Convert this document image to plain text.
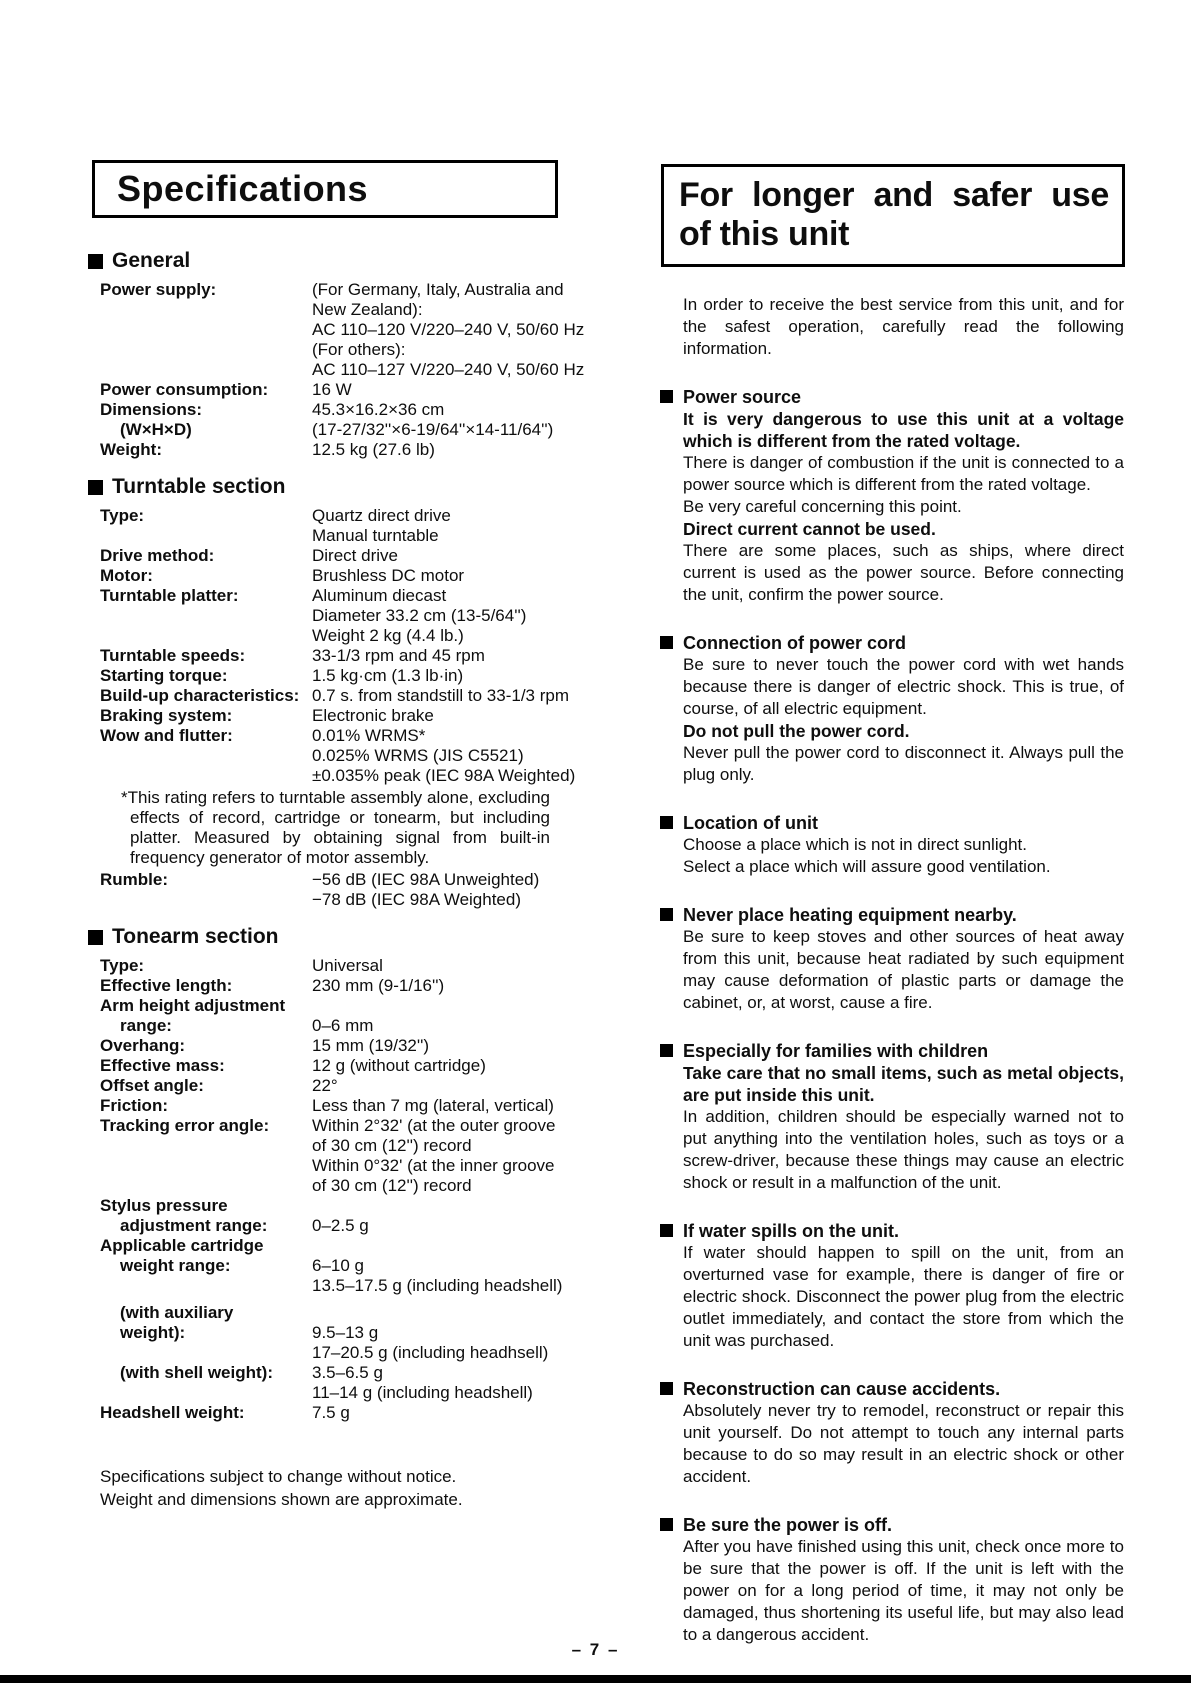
Specifications
General
Power supply:	(For Germany, Italy, Australia and
New Zealand):
AC 110–120 V/220–240 V, 50/60 Hz
(For others):
AC 110–127 V/220–240 V, 50/60 Hz
Power consumption:	16 W
Dimensions:	45.3×16.2×36 cm
(W×H×D)	(17-27/32''×6-19/64''×14-11/64'')
Weight:	12.5 kg (27.6 lb)
Turntable section
Type:	Quartz direct drive
Manual turntable
Drive method:	Direct drive
Motor:	Brushless DC motor
Turntable platter:	Aluminum diecast
Diameter 33.2 cm (13-5/64'')
Weight 2 kg (4.4 lb.)
Turntable speeds:	33-1/3 rpm and 45 rpm
Starting torque:	1.5 kg·cm (1.3 lb·in)
Build-up characteristics: 0.7 s. from standstill to 33-1/3 rpm
Braking system:	Electronic brake
Wow and flutter:	0.01% WRMS*
0.025% WRMS (JIS C5521)
±0.035% peak (IEC 98A Weighted)

*This rating refers to turntable assembly alone, excluding effects of record, cartridge or tonearm, but including platter. Measured by obtaining signal from built-in frequency generator of motor assembly.

Rumble:	−56 dB (IEC 98A Unweighted)
−78 dB (IEC 98A Weighted)
Tonearm section
Type:	Universal
Effective length:	230 mm (9-1/16'')
Arm height adjustment
range:	0–6 mm
Overhang:	15 mm (19/32'')
Effective mass:	12 g (without cartridge)
Offset angle:	22°
Friction:	Less than 7 mg (lateral, vertical)
Tracking error angle:	Within 2°32' (at the outer groove
of 30 cm (12'') record
Within 0°32' (at the inner groove
of 30 cm (12'') record
Stylus pressure
adjustment range:	0–2.5 g
Applicable cartridge
weight range:	6–10 g
13.5–17.5 g (including headshell)
(with auxiliary
weight):	9.5–13 g
17–20.5 g (including headhsell)
(with shell weight):	3.5–6.5 g
11–14 g (including headshell)
Headshell weight:	7.5 g
Specifications subject to change without notice.
Weight and dimensions shown are approximate.
For longer and safer use
of this unit

In order to receive the best service from this unit, and for the safest operation, carefully read the following information.

Power source

It is very dangerous to use this unit at a voltage which is different from the rated voltage.

There is danger of combustion if the unit is connected to a power source which is different from the rated voltage.

Be very careful concerning this point.

Direct current cannot be used.

There are some places, such as ships, where direct current is used as the power source. Before connecting the unit, confirm the power source.

Connection of power cord

Be sure to never touch the power cord with wet hands because there is danger of electric shock. This is true, of course, of all electric equipment.

Do not pull the power cord.

Never pull the power cord to disconnect it. Always pull the plug only.

Location of unit

Choose a place which is not in direct sunlight.

Select a place which will assure good ventilation.

Never place heating equipment nearby.

Be sure to keep stoves and other sources of heat away from this unit, because heat radiated by such equipment may cause deformation of plastic parts or damage the cabinet, or, at worst, cause a fire.

Especially for families with children

Take care that no small items, such as metal objects, are put inside this unit.

In addition, children should be especially warned not to put anything into the ventilation holes, such as toys or a screw-driver, because these things may cause an electric shock or result in a malfunction of the unit.

If water spills on the unit.

If water should happen to spill on the unit, from an overturned vase for example, there is danger of fire or electric shock. Disconnect the power plug from the electric outlet immediately, and contact the store from which the unit was purchased.

Reconstruction can cause accidents.

Absolutely never try to remodel, reconstruct or repair this unit yourself. Do not attempt to touch any internal parts because to do so may result in an electric shock or other accident.

Be sure the power is off.

After you have finished using this unit, check once more to be sure that the power is off. If the unit is left with the power on for a long period of time, it may not only be damaged, thus shortening its useful life, but may also lead to a dangerous accident.

– 7 –
